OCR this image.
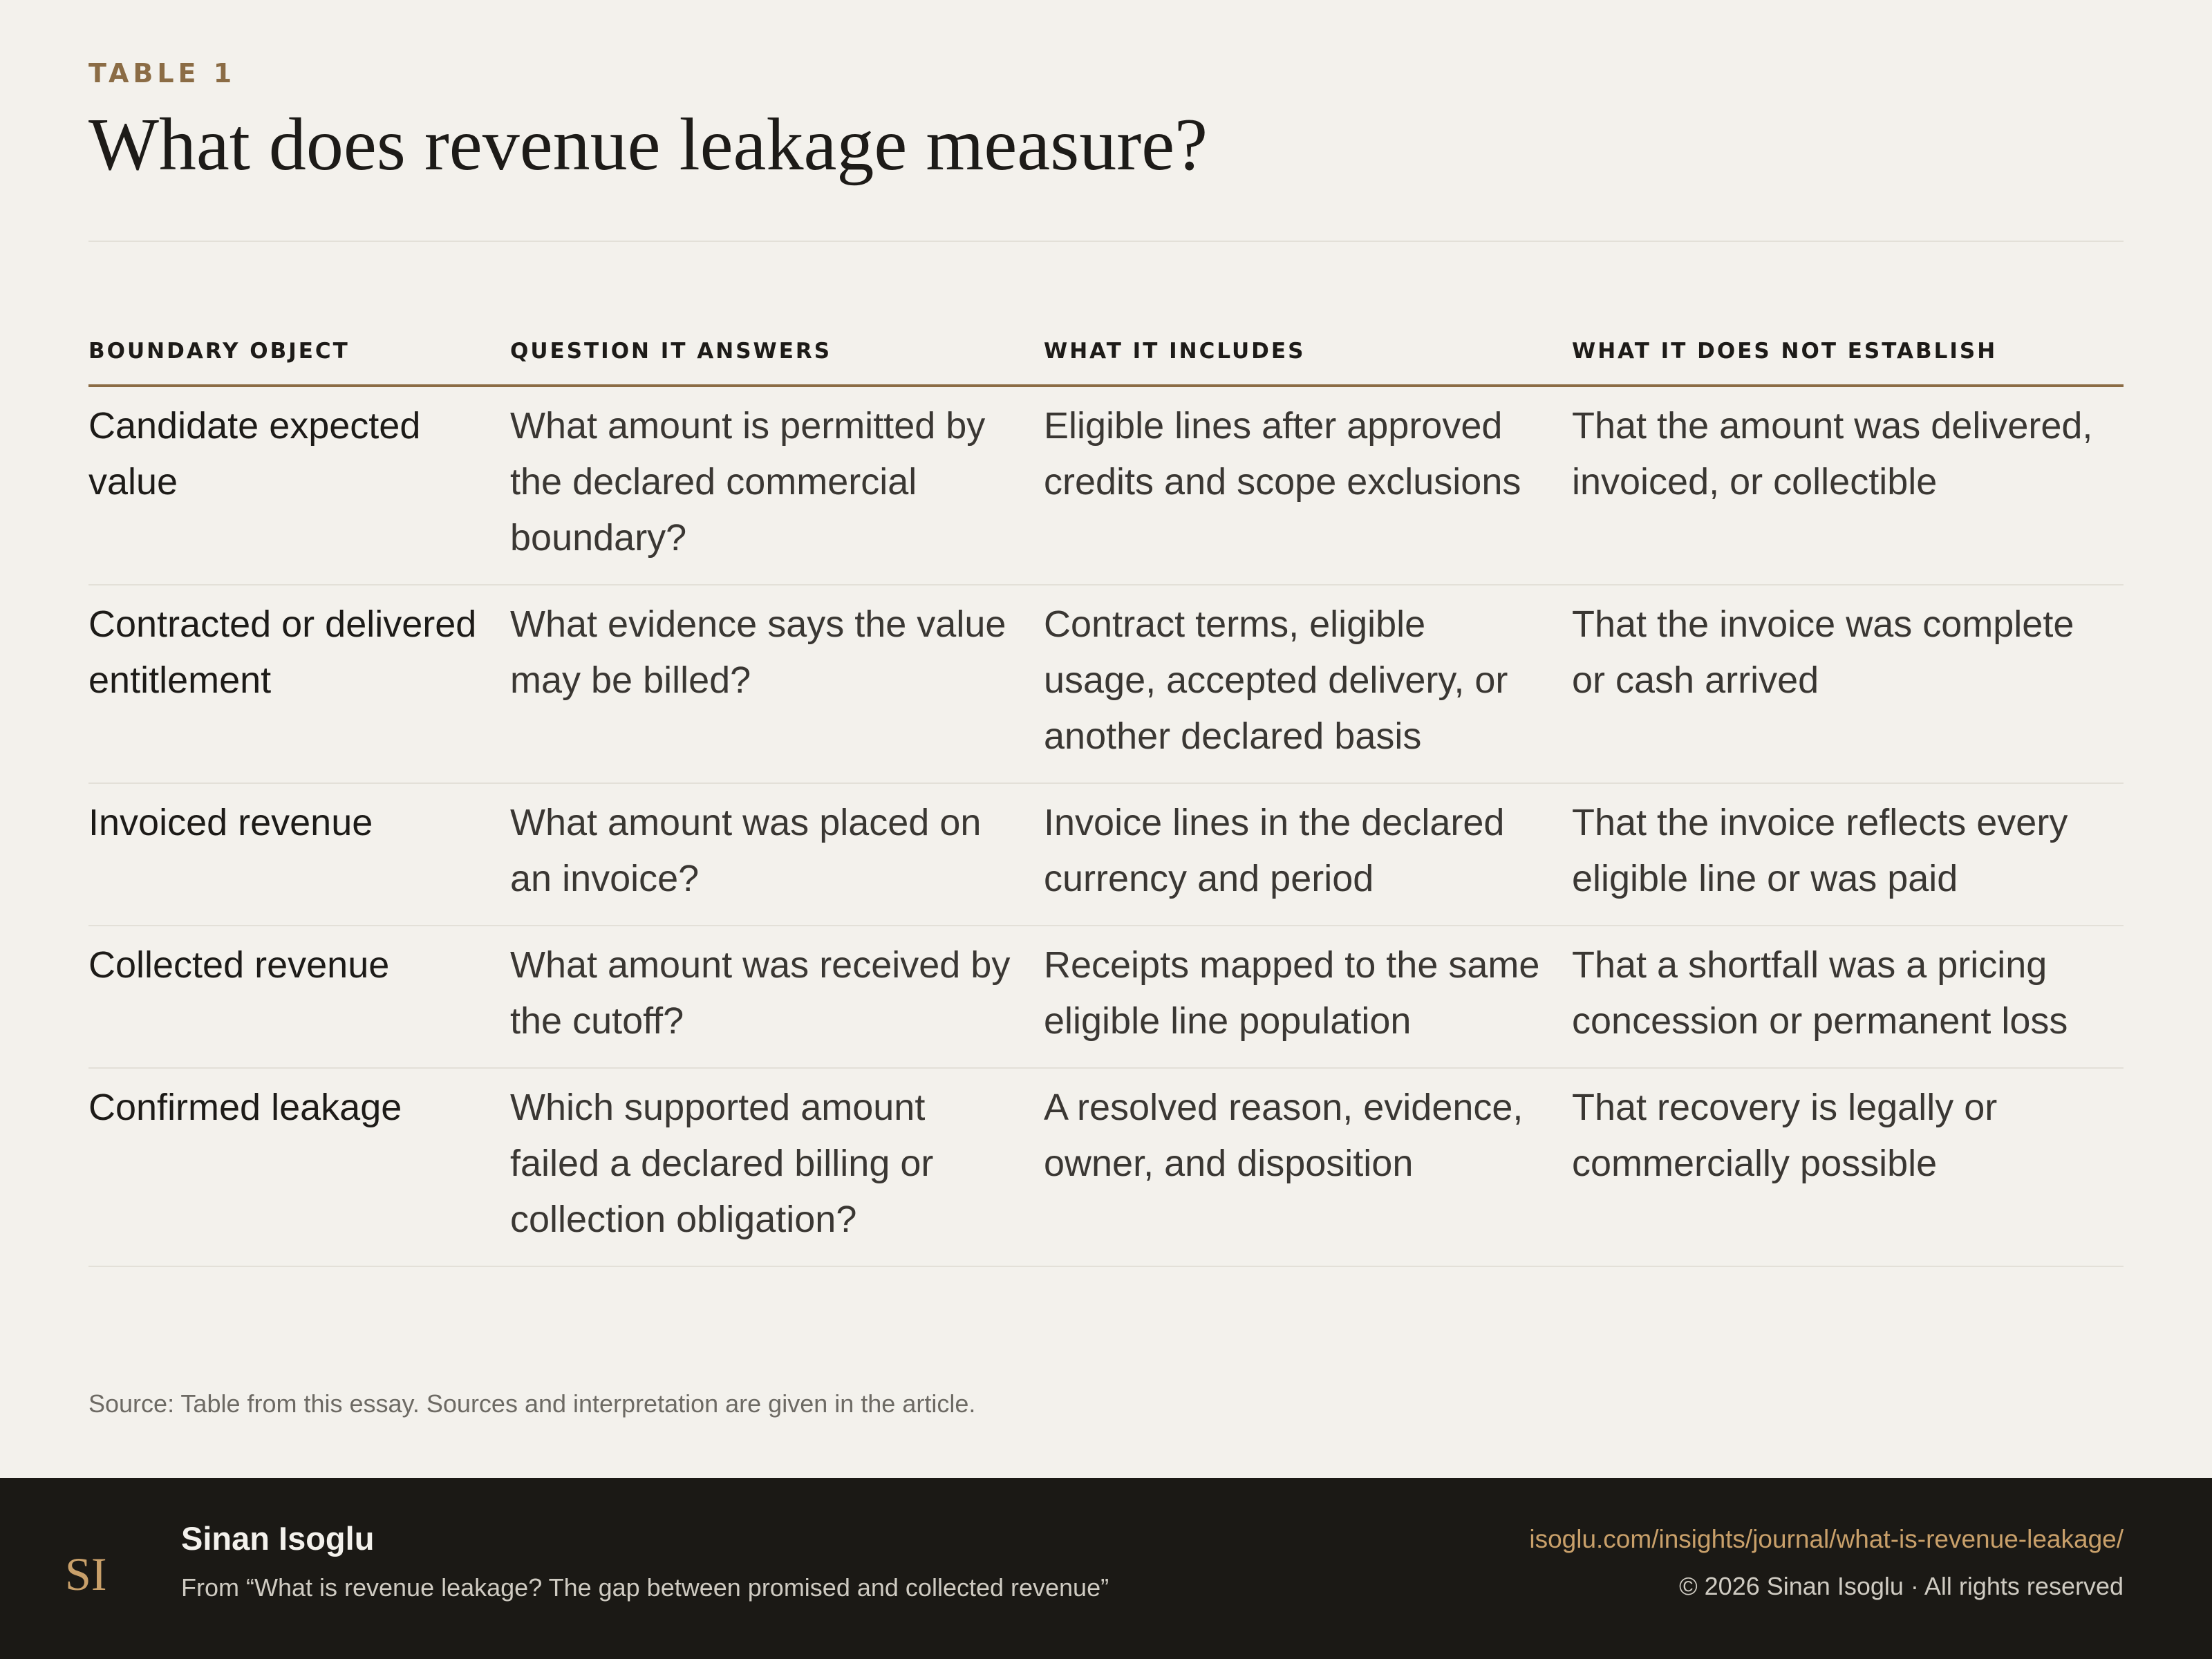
TABLE 1
What does revenue leakage measure?
BOUNDARY OBJECT	QUESTION IT ANSWERS	WHAT IT INCLUDES	WHAT IT DOES NOT ESTABLISH
Candidate expected value	What amount is permitted by the declared commercial boundary?	Eligible lines after approved credits and scope exclusions	That the amount was delivered, invoiced, or collectible
Contracted or delivered entitlement	What evidence says the value may be billed?	Contract terms, eligible usage, accepted delivery, or another declared basis	That the invoice was complete or cash arrived
Invoiced revenue	What amount was placed on an invoice?	Invoice lines in the declared currency and period	That the invoice reflects every eligible line or was paid
Collected revenue	What amount was received by the cutoff?	Receipts mapped to the same eligible line population	That a shortfall was a pricing concession or permanent loss
Confirmed leakage	Which supported amount failed a declared billing or collection obligation?	A resolved reason, evidence, owner, and disposition	That recovery is legally or commercially possible

Source: Table from this essay. Sources and interpretation are given in the article.

SI
Sinan Isoglu
From “What is revenue leakage? The gap between promised and collected revenue”
isoglu.com/insights/journal/what-is-revenue-leakage/
© 2026 Sinan Isoglu · All rights reserved
